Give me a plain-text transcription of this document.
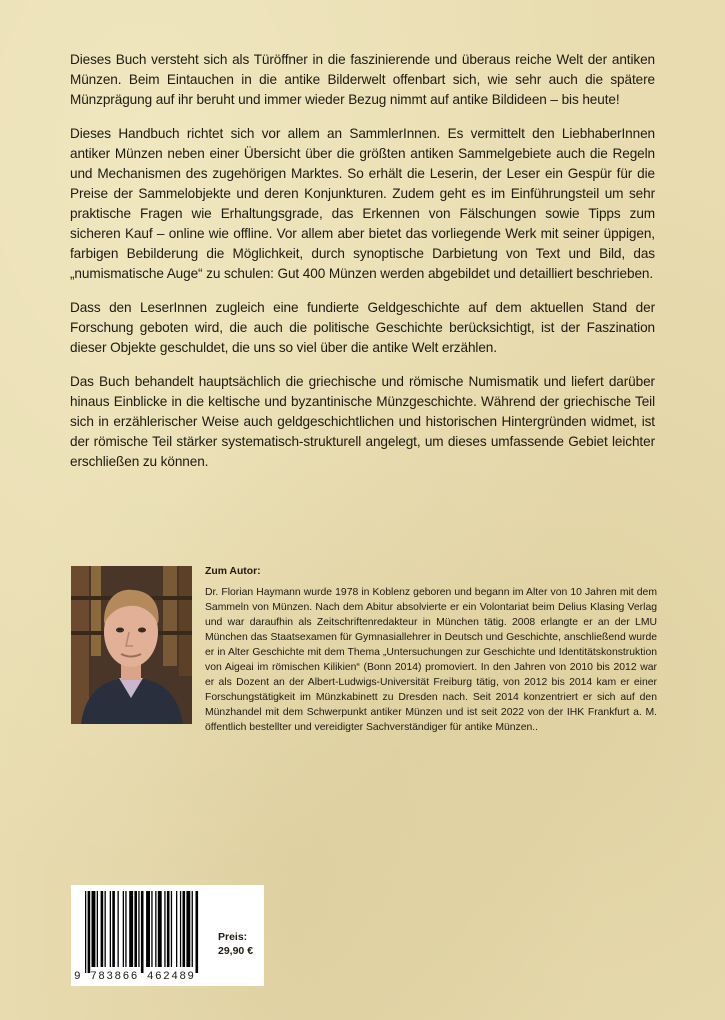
Dieses Buch versteht sich als Türöffner in die faszinierende und überaus reiche Welt der antiken Münzen. Beim Eintauchen in die antike Bilderwelt offenbart sich, wie sehr auch die spätere Münzprägung auf ihr beruht und immer wieder Bezug nimmt auf antike Bildideen – bis heute!

Dieses Handbuch richtet sich vor allem an SammlerInnen. Es vermittelt den LiebhaberInnen antiker Münzen neben einer Übersicht über die größten antiken Sammelgebiete auch die Regeln und Mechanismen des zugehörigen Marktes. So erhält die Leserin, der Leser ein Gespür für die Preise der Sammelobjekte und deren Konjunkturen. Zudem geht es im Einführungsteil um sehr praktische Fragen wie Erhaltungsgrade, das Erkennen von Fälschungen sowie Tipps zum sicheren Kauf – online wie offline. Vor allem aber bietet das vorliegende Werk mit seiner üppigen, farbigen Bebilderung die Möglichkeit, durch synoptische Darbietung von Text und Bild, das „numismatische Auge“ zu schulen: Gut 400 Münzen werden abgebildet und detailliert beschrieben.

Dass den LeserInnen zugleich eine fundierte Geldgeschichte auf dem aktuellen Stand der Forschung geboten wird, die auch die politische Geschichte berücksichtigt, ist der Faszination dieser Objekte geschuldet, die uns so viel über die antike Welt erzählen.

Das Buch behandelt hauptsächlich die griechische und römische Numismatik und liefert darüber hinaus Einblicke in die keltische und byzantinische Münzgeschichte. Während der griechische Teil sich in erzählerischer Weise auch geldgeschichtlichen und historischen Hintergründen widmet, ist der römische Teil stärker systematisch-strukturell angelegt, um dieses umfassende Gebiet leichter erschließen zu können.

Zum Autor:
Dr. Florian Haymann wurde 1978 in Koblenz geboren und begann im Alter von 10 Jahren mit dem Sammeln von Münzen. Nach dem Abitur absolvierte er ein Volontariat beim Delius Klasing Verlag und war daraufhin als Zeitschriftenredakteur in München tätig. 2008 erlangte er an der LMU München das Staatsexamen für Gymnasiallehrer in Deutsch und Geschichte, anschließend wurde er in Alter Geschichte mit dem Thema „Untersuchungen zur Geschichte und Identitätskonstruktion von Aigeai im römischen Kilikien“ (Bonn 2014) promoviert. In den Jahren von 2010 bis 2012 war er als Dozent an der Albert-Ludwigs-Universität Freiburg tätig, von 2012 bis 2014 kam er einer Forschungstätigkeit im Münzkabinett zu Dresden nach. Seit 2014 konzentriert er sich auf den Münzhandel mit dem Schwerpunkt antiker Münzen und ist seit 2022 von der IHK Frankfurt a. M. öffentlich bestellter und vereidigter Sachverständiger für antike Münzen..
9 783866 462489
Preis:
29,90 €
